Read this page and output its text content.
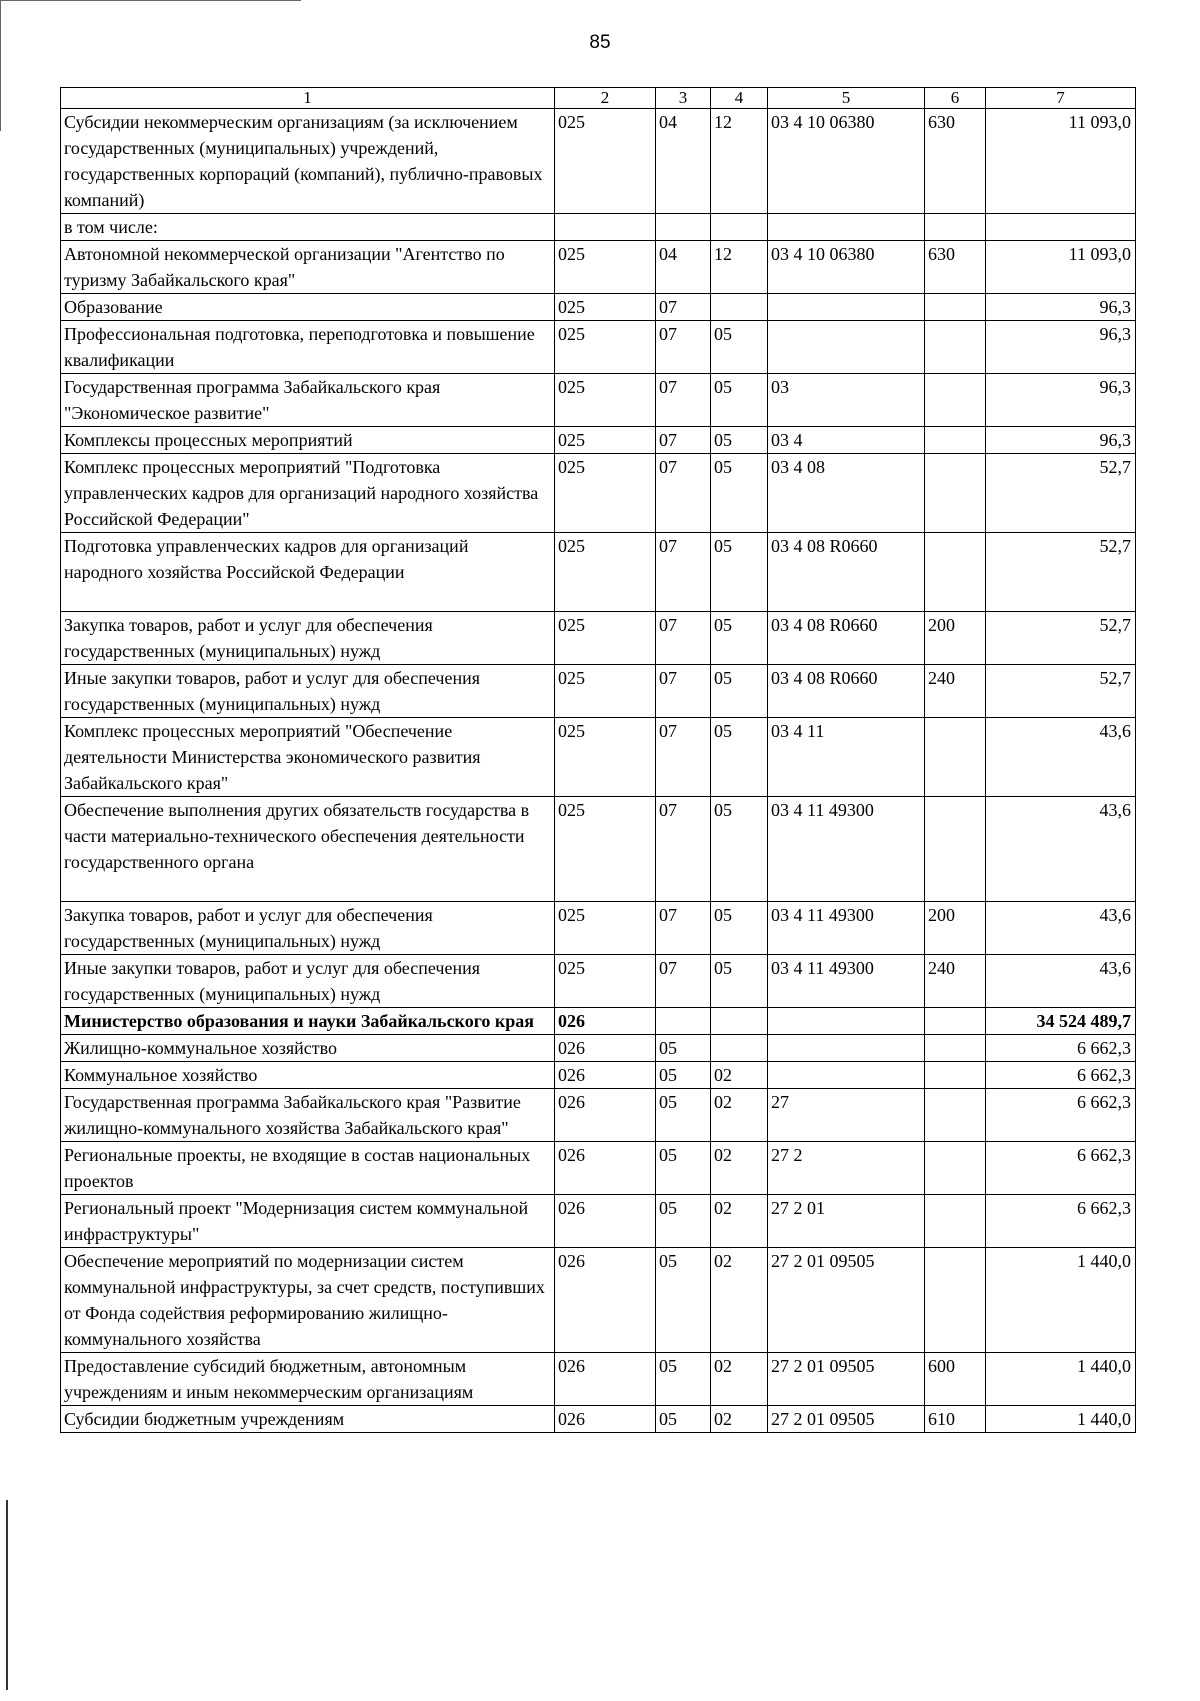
85
1	2	3	4	5	6	7
Субсидии некоммерческим организациям (за исключением государственных (муниципальных) учреждений, государственных корпораций (компаний), публично-правовых компаний)	025	04	12	03 4 10 06380	630	11 093,0
в том числе:						
Автономной некоммерческой организации "Агентство по туризму Забайкальского края"	025	04	12	03 4 10 06380	630	11 093,0
Образование	025	07				96,3
Профессиональная подготовка, переподготовка и повышение квалификации	025	07	05			96,3
Государственная программа Забайкальского края "Экономическое развитие"	025	07	05	03		96,3
Комплексы процессных мероприятий	025	07	05	03 4		96,3
Комплекс процессных мероприятий "Подготовка управленческих кадров для организаций народного хозяйства Российской Федерации"	025	07	05	03 4 08		52,7
Подготовка управленческих кадров для организаций народного хозяйства Российской Федерации	025	07	05	03 4 08 R0660		52,7
Закупка товаров, работ и услуг для обеспечения государственных (муниципальных) нужд	025	07	05	03 4 08 R0660	200	52,7
Иные закупки товаров, работ и услуг для обеспечения государственных (муниципальных) нужд	025	07	05	03 4 08 R0660	240	52,7
Комплекс процессных мероприятий "Обеспечение деятельности Министерства экономического развития Забайкальского края"	025	07	05	03 4 11		43,6
Обеспечение выполнения других обязательств государства в части материально-технического обеспечения деятельности государственного органа	025	07	05	03 4 11 49300		43,6
Закупка товаров, работ и услуг для обеспечения государственных (муниципальных) нужд	025	07	05	03 4 11 49300	200	43,6
Иные закупки товаров, работ и услуг для обеспечения государственных (муниципальных) нужд	025	07	05	03 4 11 49300	240	43,6
Министерство образования и науки Забайкальского края	026					34 524 489,7
Жилищно-коммунальное хозяйство	026	05				6 662,3
Коммунальное хозяйство	026	05	02			6 662,3
Государственная программа Забайкальского края "Развитие жилищно-коммунального хозяйства Забайкальского края"	026	05	02	27		6 662,3
Региональные проекты, не входящие в состав национальных проектов	026	05	02	27 2		6 662,3
Региональный проект "Модернизация систем коммунальной инфраструктуры"	026	05	02	27 2 01		6 662,3
Обеспечение мероприятий по модернизации систем коммунальной инфраструктуры, за счет средств, поступивших от Фонда содействия реформированию жилищно-коммунального хозяйства	026	05	02	27 2 01 09505		1 440,0
Предоставление субсидий бюджетным, автономным учреждениям и иным некоммерческим организациям	026	05	02	27 2 01 09505	600	1 440,0
Субсидии бюджетным учреждениям	026	05	02	27 2 01 09505	610	1 440,0
